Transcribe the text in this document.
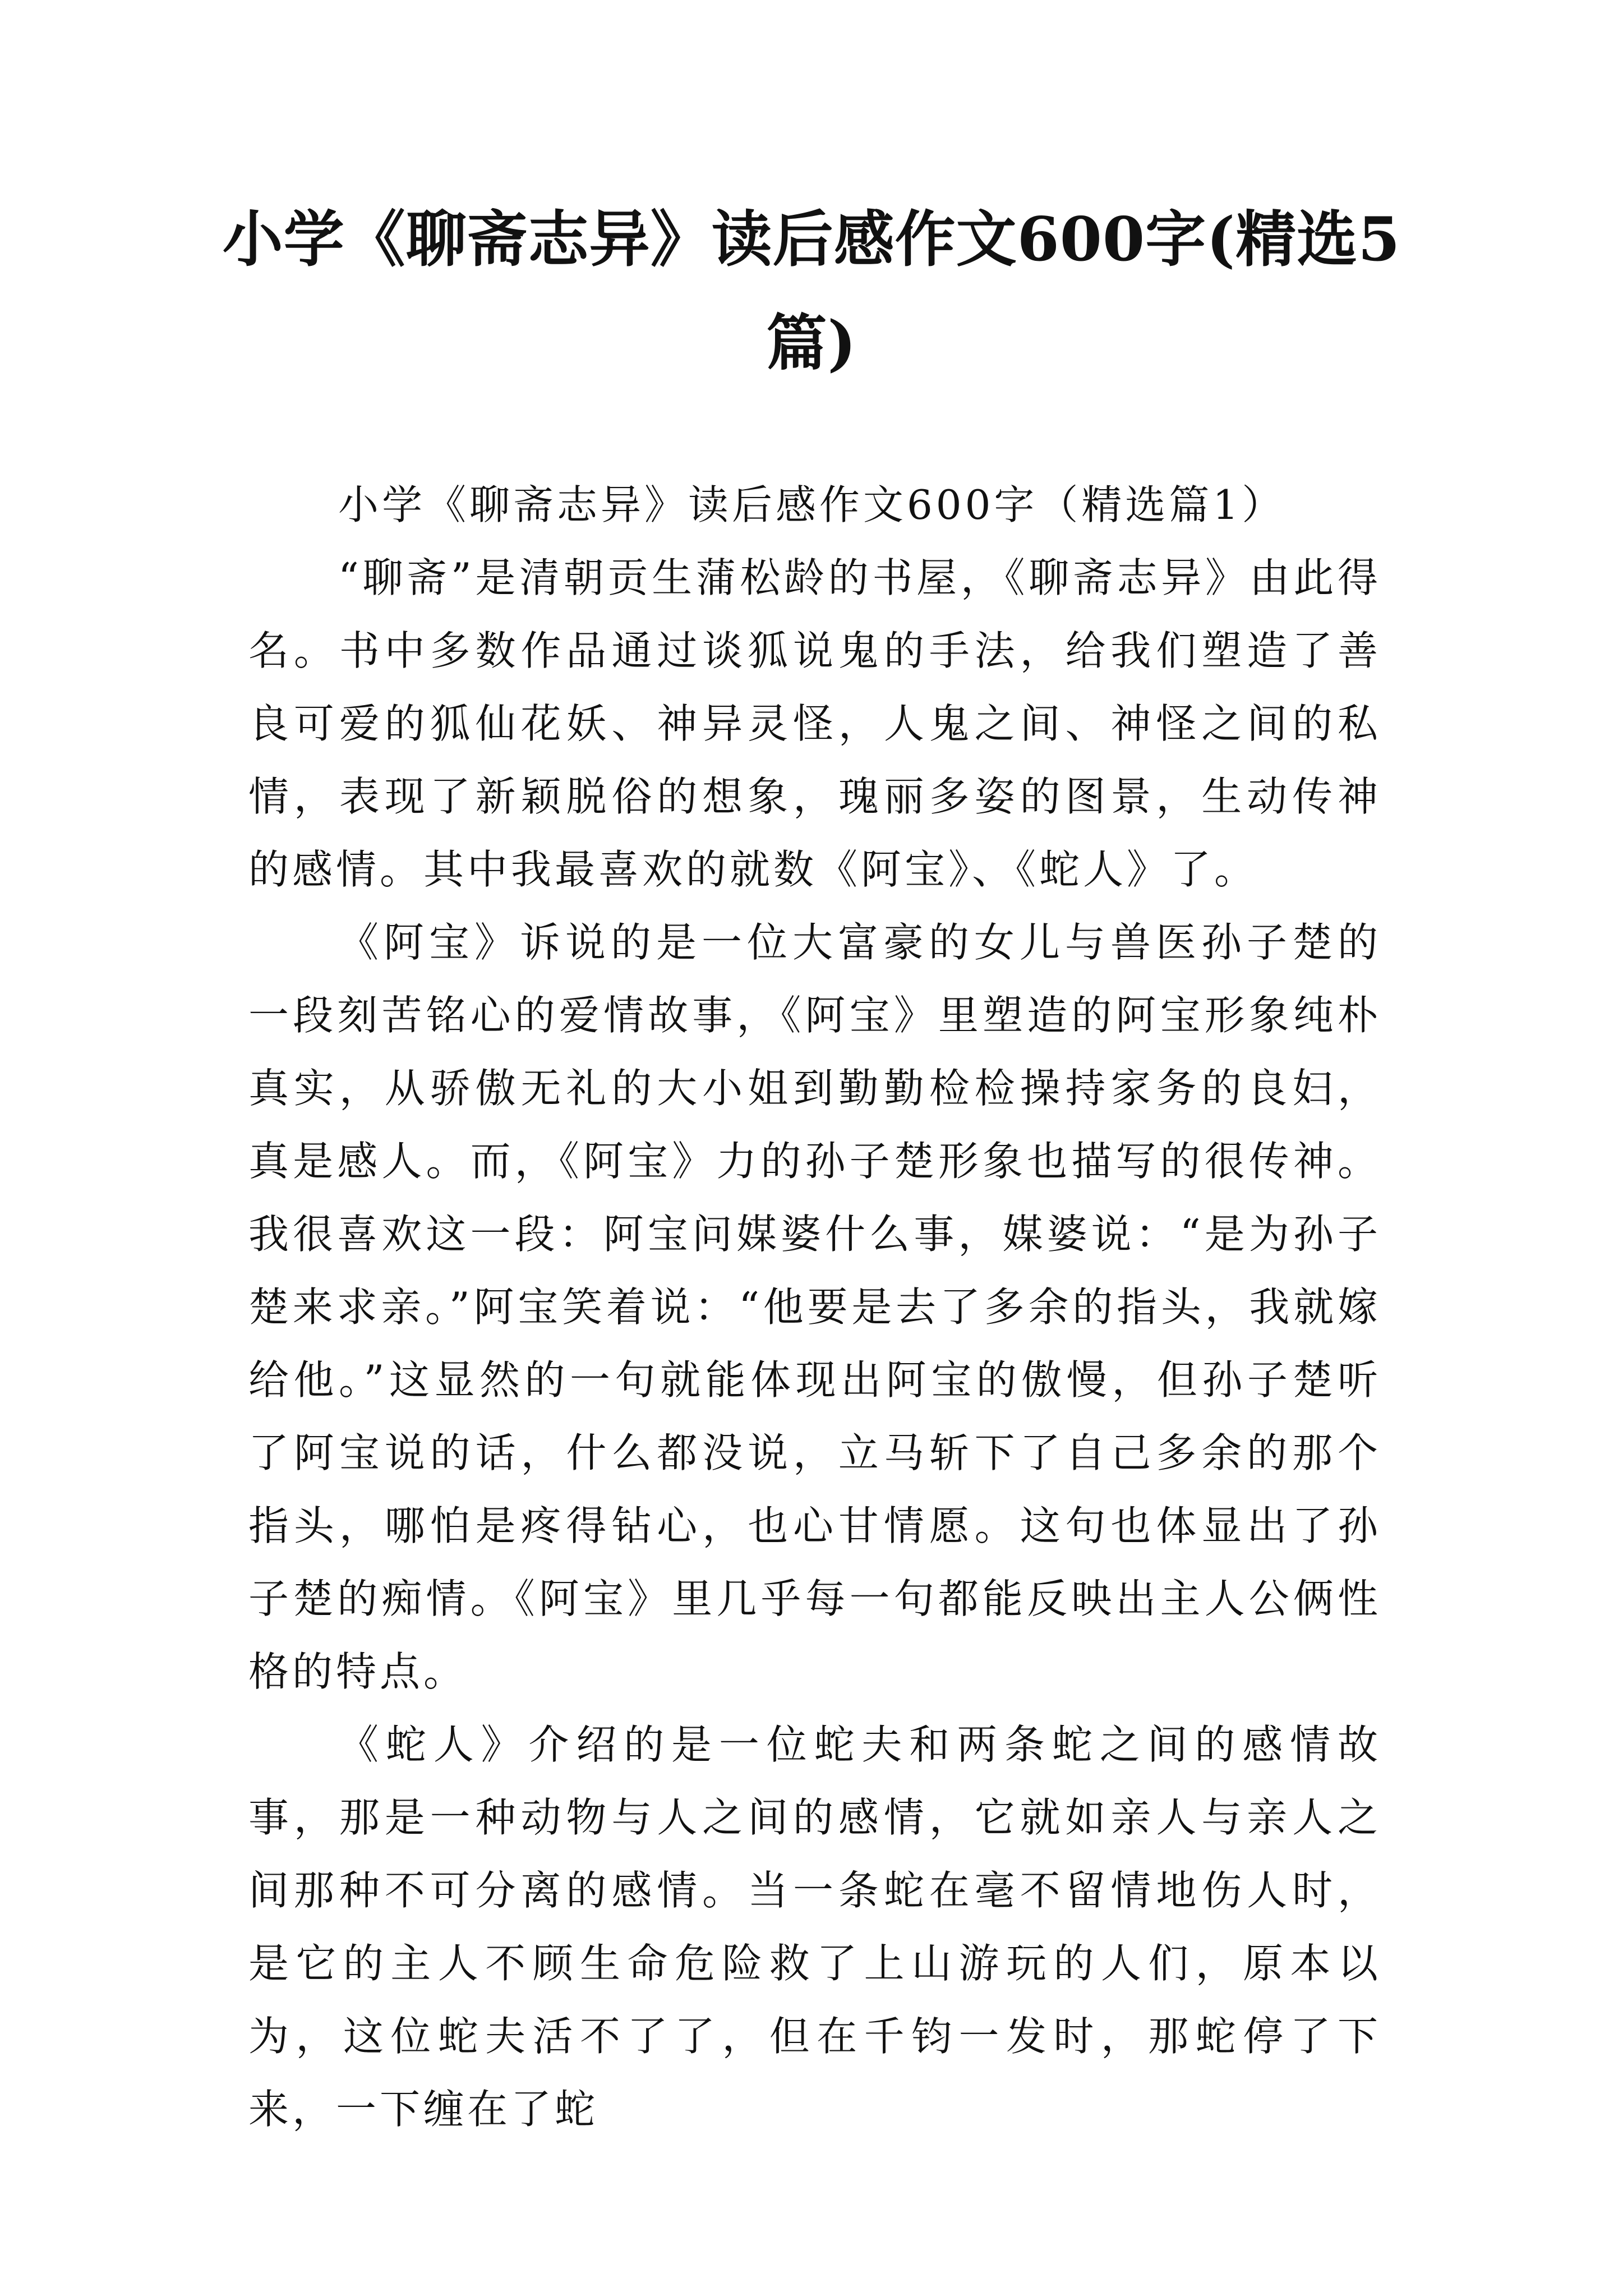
小学《聊斋志异》读后感作文600字(精选5
篇)
小学《聊斋志异》读后感作文600字（精选篇1）

“聊斋”是清朝贡生蒲松龄的书屋，《聊斋志异》由此得名。书中多数作品通过谈狐说鬼的手法，给我们塑造了善良可爱的狐仙花妖、神异灵怪，人鬼之间、神怪之间的私情，表现了新颖脱俗的想象，瑰丽多姿的图景，生动传神的感情。其中我最喜欢的就数《阿宝》、《蛇人》了。

《阿宝》诉说的是一位大富豪的女儿与兽医孙子楚的一段刻苦铭心的爱情故事，《阿宝》里塑造的阿宝形象纯朴真实，从骄傲无礼的大小姐到勤勤检检操持家务的良妇，真是感人。而，《阿宝》力的孙子楚形象也描写的很传神。我很喜欢这一段：阿宝问媒婆什么事，媒婆说：“是为孙子楚来求亲。”阿宝笑着说：“他要是去了多余的指头，我就嫁给他。”这显然的一句就能体现出阿宝的傲慢，但孙子楚听了阿宝说的话，什么都没说，立马斩下了自己多余的那个指头，哪怕是疼得钻心，也心甘情愿。这句也体显出了孙子楚的痴情。《阿宝》里几乎每一句都能反映出主人公俩性格的特点。

《蛇人》介绍的是一位蛇夫和两条蛇之间的感情故事，那是一种动物与人之间的感情，它就如亲人与亲人之间那种不可分离的感情。当一条蛇在毫不留情地伤人时，是它的主人不顾生命危险救了上山游玩的人们，原本以为，这位蛇夫活不了了，但在千钧一发时，那蛇停了下来，一下缠在了蛇
